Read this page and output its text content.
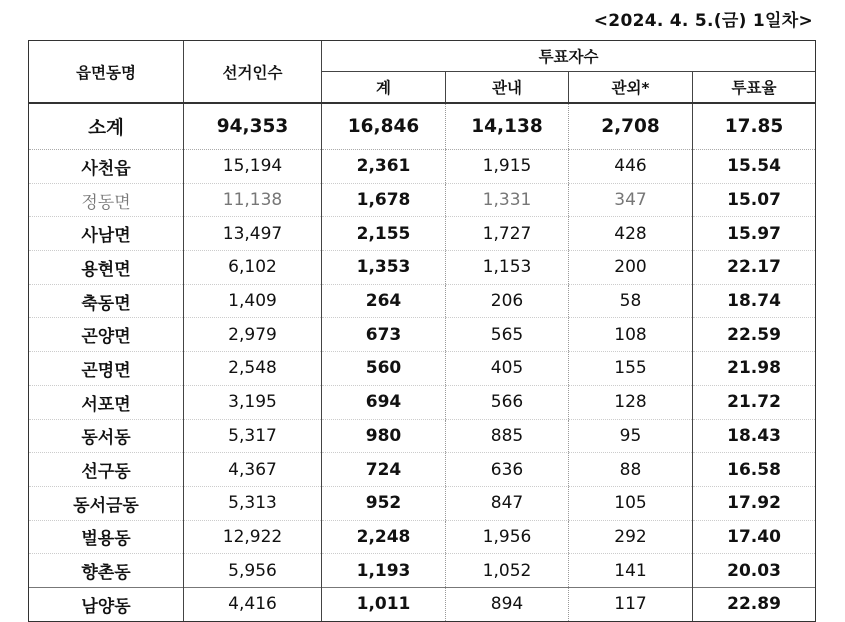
<2024. 4. 5.(금) 1일차>
읍면동명	선거인수	투표자수			
		계	관내	관외*	투표율
소계	94,353	16,846	14,138	2,708	17.85
사천읍	15,194	2,361	1,915	446	15.54
정동면	11,138	1,678	1,331	347	15.07
사남면	13,497	2,155	1,727	428	15.97
용현면	6,102	1,353	1,153	200	22.17
축동면	1,409	264	206	58	18.74
곤양면	2,979	673	565	108	22.59
곤명면	2,548	560	405	155	21.98
서포면	3,195	694	566	128	21.72
동서동	5,317	980	885	95	18.43
선구동	4,367	724	636	88	16.58
동서금동	5,313	952	847	105	17.92
벌용동	12,922	2,248	1,956	292	17.40
향촌동	5,956	1,193	1,052	141	20.03
남양동	4,416	1,011	894	117	22.89
